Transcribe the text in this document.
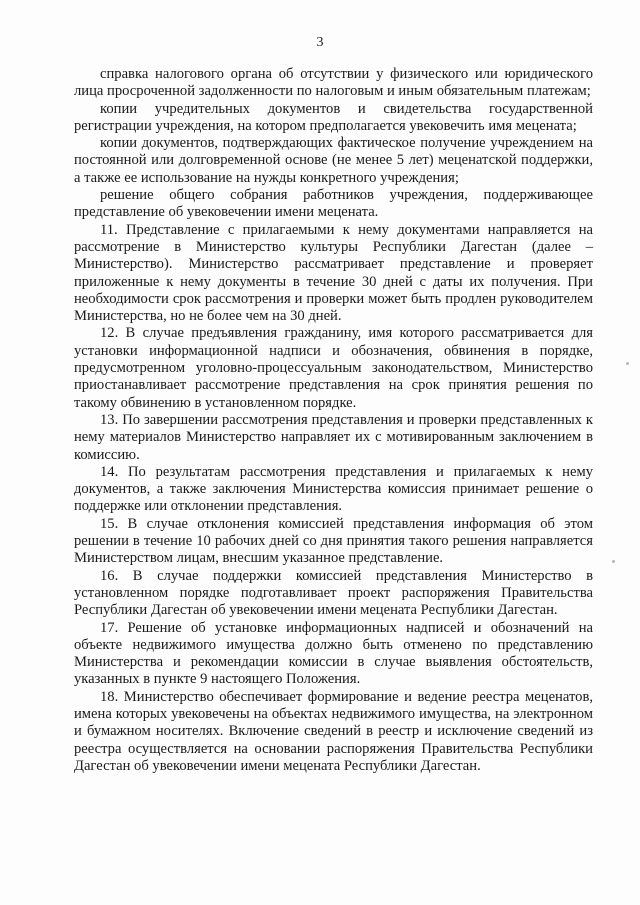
3

справка налогового органа об отсутствии у физического или юридического лица просроченной задолженности по налоговым и иным обязательным платежам;

копии учредительных документов и свидетельства государственной регистрации учреждения, на котором предполагается увековечить имя мецената;

копии документов, подтверждающих фактическое получение учреждением на постоянной или долговременной основе (не менее 5 лет) меценатской поддержки, а также ее использование на нужды конкретного учреждения;

решение общего собрания работников учреждения, поддерживающее представление об увековечении имени мецената.

11. Представление с прилагаемыми к нему документами направляется на рассмотрение в Министерство культуры Республики Дагестан (далее – Министерство). Министерство рассматривает представление и проверяет приложенные к нему документы в течение 30 дней с даты их получения. При необходимости срок рассмотрения и проверки может быть продлен руководителем Министерства, но не более чем на 30 дней.

12. В случае предъявления гражданину, имя которого рассматривается для установки информационной надписи и обозначения, обвинения в порядке, предусмотренном уголовно-процессуальным законодательством, Министерство приостанавливает рассмотрение представления на срок принятия решения по такому обвинению в установленном порядке.

13. По завершении рассмотрения представления и проверки представленных к нему материалов Министерство направляет их с мотивированным заключением в комиссию.

14. По результатам рассмотрения представления и прилагаемых к нему документов, а также заключения Министерства комиссия принимает решение о поддержке или отклонении представления.

15. В случае отклонения комиссией представления информация об этом решении в течение 10 рабочих дней со дня принятия такого решения направляется Министерством лицам, внесшим указанное представление.

16. В случае поддержки комиссией представления Министерство в установленном порядке подготавливает проект распоряжения Правительства Республики Дагестан об увековечении имени мецената Республики Дагестан.

17. Решение об установке информационных надписей и обозначений на объекте недвижимого имущества должно быть отменено по представлению Министерства и рекомендации комиссии в случае выявления обстоятельств, указанных в пункте 9 настоящего Положения.

18. Министерство обеспечивает формирование и ведение реестра меценатов, имена которых увековечены на объектах недвижимого имущества, на электронном и бумажном носителях. Включение сведений в реестр и исключение сведений из реестра осуществляется на основании распоряжения Правительства Республики Дагестан об увековечении имени мецената Республики Дагестан.
